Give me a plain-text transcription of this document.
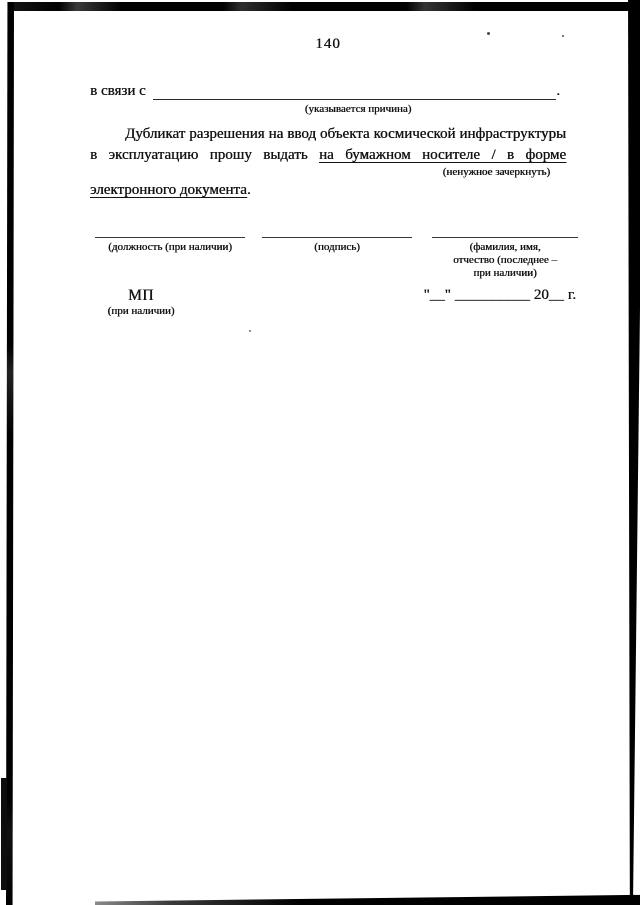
140
в связи с	.
(указывается причина)
Дубликат разрешения на ввод объекта космической инфраструктуры
в эксплуатацию прошу выдать на бумажном носителе / в форме
(ненужное зачеркнуть)
электронного документа.
(должность (при наличии)	(подпись)	(фамилия, имя,
отчество (последнее –
при наличии)
МП
(при наличии)
"__" __________ 20__ г.
